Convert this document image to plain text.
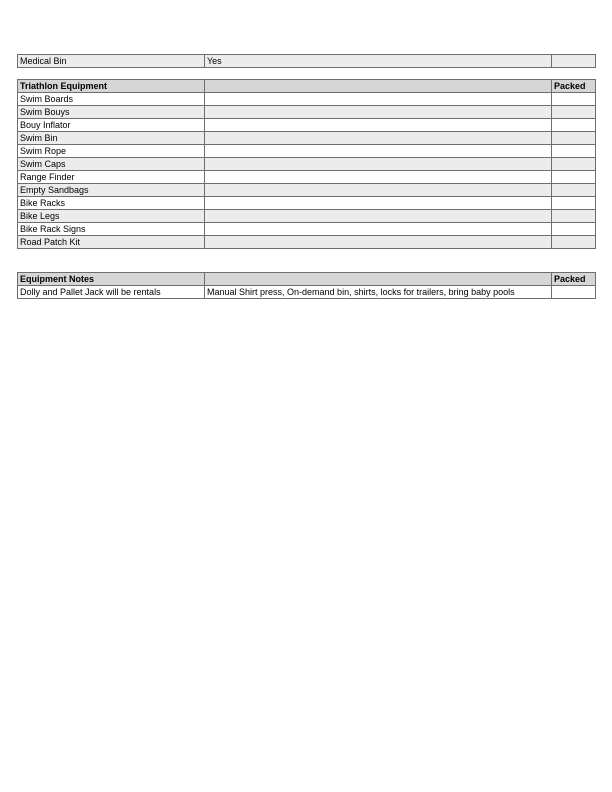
Medical Bin	Yes	
Triathlon Equipment		Packed
Swim Boards		
Swim Bouys		
Bouy Inflator		
Swim Bin		
Swim Rope		
Swim Caps		
Range Finder		
Empty Sandbags		
Bike Racks		
Bike Legs		
Bike Rack Signs		
Road Patch Kit		
Equipment Notes		Packed
Dolly and Pallet Jack will be rentals	Manual Shirt press, On-demand bin, shirts, locks for trailers, bring baby pools	
